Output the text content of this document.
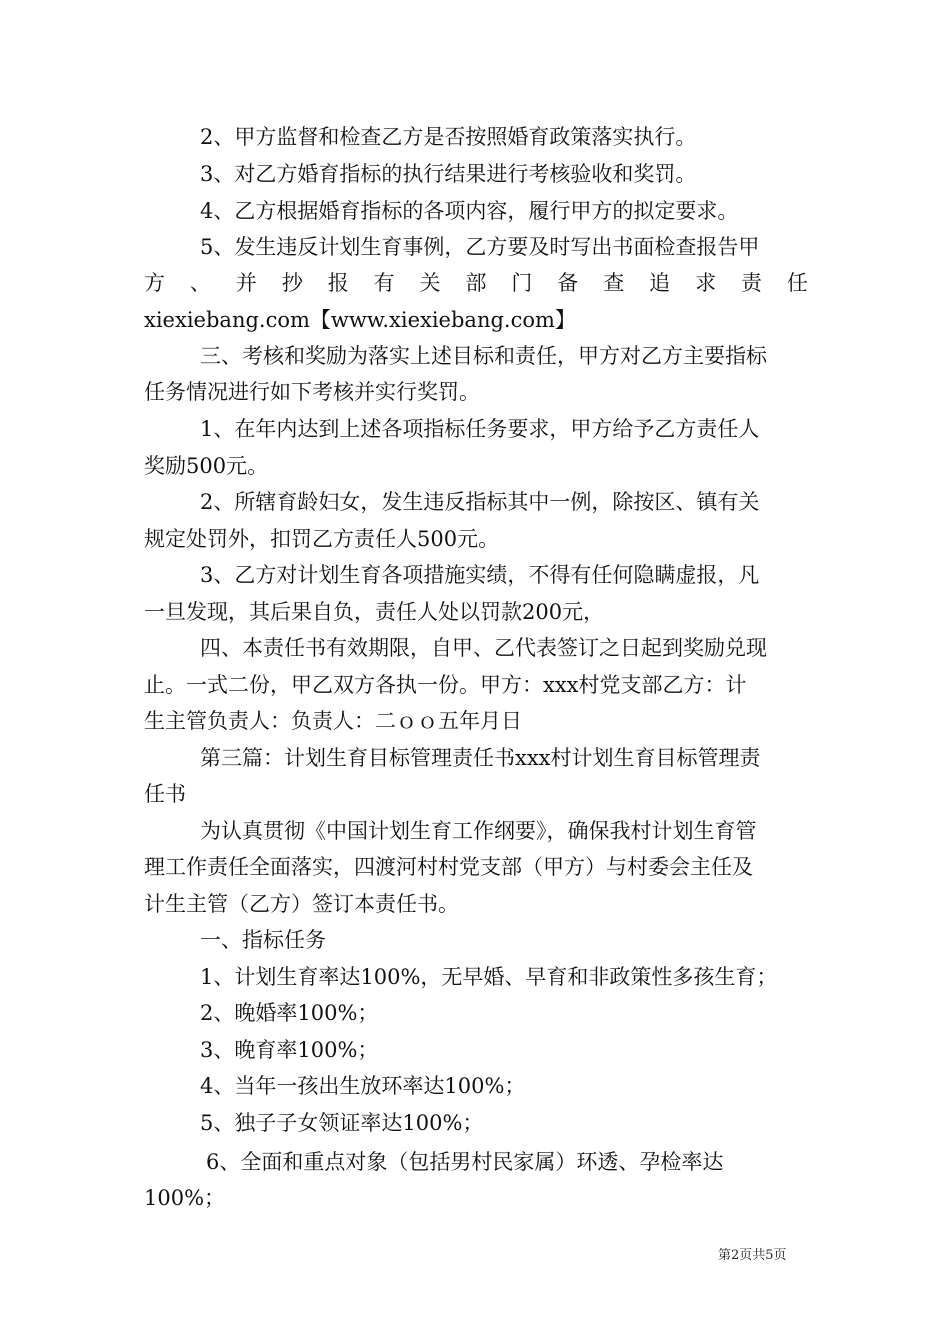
2、甲方监督和检查乙方是否按照婚育政策落实执行。
3、对乙方婚育指标的执行结果进行考核验收和奖罚。
4、乙方根据婚育指标的各项内容，履行甲方的拟定要求。
5、发生违反计划生育事例，乙方要及时写出书面检查报告甲
方 、 并 抄 报 有 关 部 门 备 查 追 求 责 任
xiexiebang.com【www.xiexiebang.com】
三、考核和奖励为落实上述目标和责任，甲方对乙方主要指标
任务情况进行如下考核并实行奖罚。
1、在年内达到上述各项指标任务要求，甲方给予乙方责任人
奖励500元。
2、所辖育龄妇女，发生违反指标其中一例，除按区、镇有关
规定处罚外，扣罚乙方责任人500元。
3、乙方对计划生育各项措施实绩，不得有任何隐瞒虚报，凡
一旦发现，其后果自负，责任人处以罚款200元，
四、本责任书有效期限，自甲、乙代表签订之日起到奖励兑现
止。一式二份，甲乙双方各执一份。甲方：xxx村党支部乙方：计
生主管负责人：负责人：二ｏｏ五年月日
第三篇：计划生育目标管理责任书xxx村计划生育目标管理责
任书
为认真贯彻《中国计划生育工作纲要》，确保我村计划生育管
理工作责任全面落实，四渡河村村党支部（甲方）与村委会主任及
计生主管（乙方）签订本责任书。
一、指标任务
1、计划生育率达100%，无早婚、早育和非政策性多孩生育；
2、晚婚率100%；
3、晚育率100%；
4、当年一孩出生放环率达100%；
5、独子子女领证率达100%；
6、全面和重点对象（包括男村民家属）环透、孕检率达
100%；
第2页共5页
